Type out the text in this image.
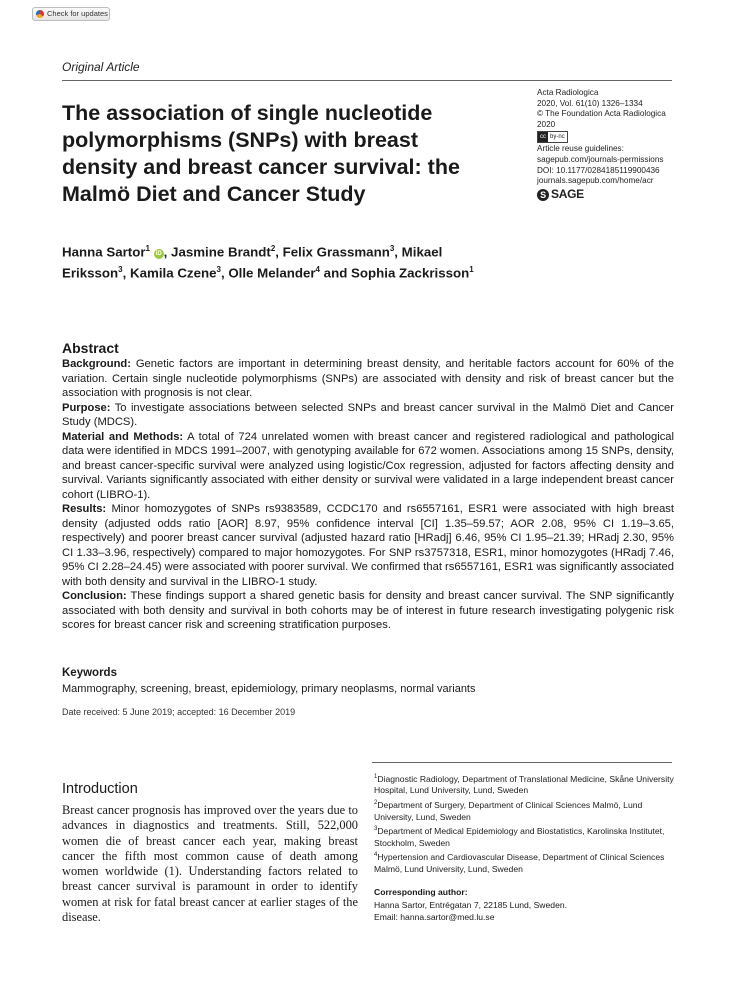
Check for updates
Original Article
The association of single nucleotide polymorphisms (SNPs) with breast density and breast cancer survival: the Malmö Diet and Cancer Study
Acta Radiologica
2020, Vol. 61(10) 1326–1334
© The Foundation Acta Radiologica
2020
cc by-nc
Article reuse guidelines:
sagepub.com/journals-permissions
DOI: 10.1177/0284185119900436
journals.sagepub.com/home/acr
S SAGE
Hanna Sartor$^1$ iD , Jasmine Brandt$^2$, Felix Grassmann$^3$, Mikael Eriksson$^3$, Kamila Czene$^3$, Olle Melander$^4$ and Sophia Zackrisson$^1$
Abstract

Background: Genetic factors are important in determining breast density, and heritable factors account for 60% of the variation. Certain single nucleotide polymorphisms (SNPs) are associated with density and risk of breast cancer but the association with prognosis is not clear.

Purpose: To investigate associations between selected SNPs and breast cancer survival in the Malmö Diet and Cancer Study (MDCS).

Material and Methods: A total of 724 unrelated women with breast cancer and registered radiological and pathological data were identified in MDCS 1991–2007, with genotyping available for 672 women. Associations among 15 SNPs, density, and breast cancer-specific survival were analyzed using logistic/Cox regression, adjusted for factors affecting density and survival. Variants significantly associated with either density or survival were validated in a large independent breast cancer cohort (LIBRO-1).

Results: Minor homozygotes of SNPs rs9383589, CCDC170 and rs6557161, ESR1 were associated with high breast density (adjusted odds ratio [AOR] 8.97, 95% confidence interval [CI] 1.35–59.57; AOR 2.08, 95% CI 1.19–3.65, respectively) and poorer breast cancer survival (adjusted hazard ratio [HRadj] 6.46, 95% CI 1.95–21.39; HRadj 2.30, 95% CI 1.33–3.96, respectively) compared to major homozygotes. For SNP rs3757318, ESR1, minor homozygotes (HRadj 7.46, 95% CI 2.28–24.45) were associated with poorer survival. We confirmed that rs6557161, ESR1 was significantly associated with both density and survival in the LIBRO-1 study.

Conclusion: These findings support a shared genetic basis for density and breast cancer survival. The SNP significantly associated with both density and survival in both cohorts may be of interest in future research investigating polygenic risk scores for breast cancer risk and screening stratification purposes.

Keywords
Mammography, screening, breast, epidemiology, primary neoplasms, normal variants
Date received: 5 June 2019; accepted: 16 December 2019
Introduction
Breast cancer prognosis has improved over the years due to advances in diagnostics and treatments. Still, 522,000 women die of breast cancer each year, making breast cancer the fifth most common cause of death among women worldwide (1). Understanding factors related to breast cancer survival is paramount in order to identify women at risk for fatal breast cancer at earlier stages of the disease.
$^1$Diagnostic Radiology, Department of Translational Medicine, Skåne University Hospital, Lund University, Lund, Sweden
$^2$Department of Surgery, Department of Clinical Sciences Malmö, Lund University, Lund, Sweden
$^3$Department of Medical Epidemiology and Biostatistics, Karolinska Institutet, Stockholm, Sweden
$^4$Hypertension and Cardiovascular Disease, Department of Clinical Sciences Malmö, Lund University, Lund, Sweden
Corresponding author:
Hanna Sartor, Entrégatan 7, 22185 Lund, Sweden.
Email: hanna.sartor@med.lu.se
